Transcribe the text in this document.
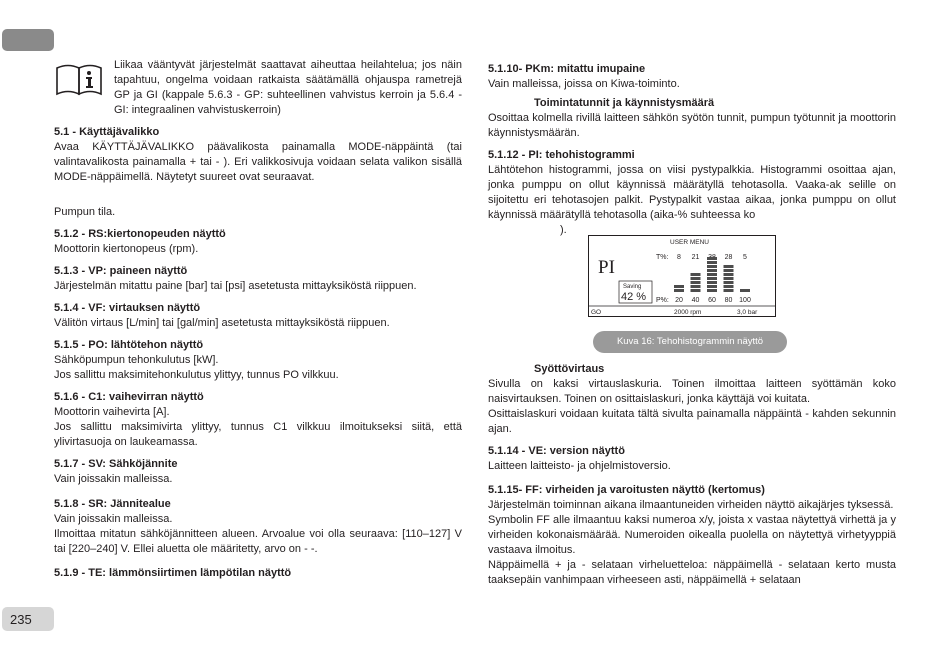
235
Liikaa vääntyvät järjestelmät saattavat aiheuttaa heilahtelua; jos näin tapahtuu, ongelma voidaan ratkaista säätämällä ohjauspa rametrejä GP ja GI (kappale 5.6.3 - GP: suhteellinen vahvistus kerroin ja 5.6.4 - GI: integraalinen vahvistuskerroin)
5.1 - Käyttäjävalikko
Avaa KÄYTTÄJÄVALIKKO päävalikosta painamalla MODE-näppäintä (tai valintavalikosta painamalla + tai - ). Eri valikkosivuja voidaan selata valikon sisällä MODE-näppäimellä. Näytetyt suureet ovat seuraavat.
Pumpun tila.
5.1.2 - RS:kiertonopeuden näyttö
Moottorin kiertonopeus (rpm).
5.1.3 - VP: paineen näyttö
Järjestelmän mitattu paine [bar] tai [psi] asetetusta mittayksiköstä riippuen.
5.1.4 - VF: virtauksen näyttö
Välitön virtaus [L/min] tai [gal/min] asetetusta mittayksiköstä riippuen.
5.1.5 - PO: lähtötehon näyttö
Sähköpumpun tehonkulutus [kW].
Jos sallittu maksimitehonkulutus ylittyy, tunnus PO vilkkuu.
5.1.6 - C1: vaihevirran näyttö
Moottorin vaihevirta [A].
Jos sallittu maksimivirta ylittyy, tunnus C1 vilkkuu ilmoitukseksi siitä, että ylivirtasuoja on laukeamassa.
5.1.7 - SV: Sähköjännite
Vain joissakin malleissa.
5.1.8 - SR: Jännitealue
Vain joissakin malleissa.
Ilmoittaa mitatun sähköjännitteen alueen. Arvoalue voi olla seuraava: [110–127] V tai [220–240] V. Ellei aluetta ole määritetty, arvo on - -.
5.1.9 - TE: lämmönsiirtimen lämpötilan näyttö
5.1.10- PKm: mitattu imupaine
Vain malleissa, joissa on Kiwa-toiminto.
Toimintatunnit ja käynnistysmäärä
Osoittaa kolmella rivillä laitteen sähkön syötön tunnit, pumpun työtunnit ja moottorin käynnistysmäärän.
5.1.12 - PI: tehohistogrammi
Lähtötehon histogrammi, jossa on viisi pystypalkkia. Histogrammi osoittaa ajan, jonka pumppu on ollut käynnissä määrätyllä tehotasolla. Vaaka-ak selille on sijoitettu eri tehotasojen palkit. Pystypalkit vastaa aikaa, jonka pumppu on ollut käynnissä määrätyllä tehotasolla (aika-% suhteessa ko
).
USER MENU
PI
Saving
42 %
T%:
P%:
8
20
21
40 60
28
80
5
100
GO	2000 rpm	3,0 bar
Kuva 16: Tehohistogrammin näyttö
Syöttövirtaus
Sivulla on kaksi virtauslaskuria. Toinen ilmoittaa laitteen syöttämän koko naisvirtauksen. Toinen on osittaislaskuri, jonka käyttäjä voi kuitata.
Osittaislaskuri voidaan kuitata tältä sivulta painamalla näppäintä - kahden sekunnin ajan.
5.1.14 - VE: version näyttö
Laitteen laitteisto- ja ohjelmistoversio.
5.1.15- FF: virheiden ja varoitusten näyttö (kertomus)
Järjestelmän toiminnan aikana ilmaantuneiden virheiden näyttö aikajärjes tyksessä.
Symbolin FF alle ilmaantuu kaksi numeroa x/y, joista x vastaa näytettyä virhettä ja y virheiden kokonaismäärää. Numeroiden oikealla puolella on näytettyä virhetyyppiä vastaava ilmoitus.
Näppäimellä + ja - selataan virheluetteloa: näppäimellä - selataan kerto musta taaksepäin vanhimpaan virheeseen asti, näppäimellä + selataan
